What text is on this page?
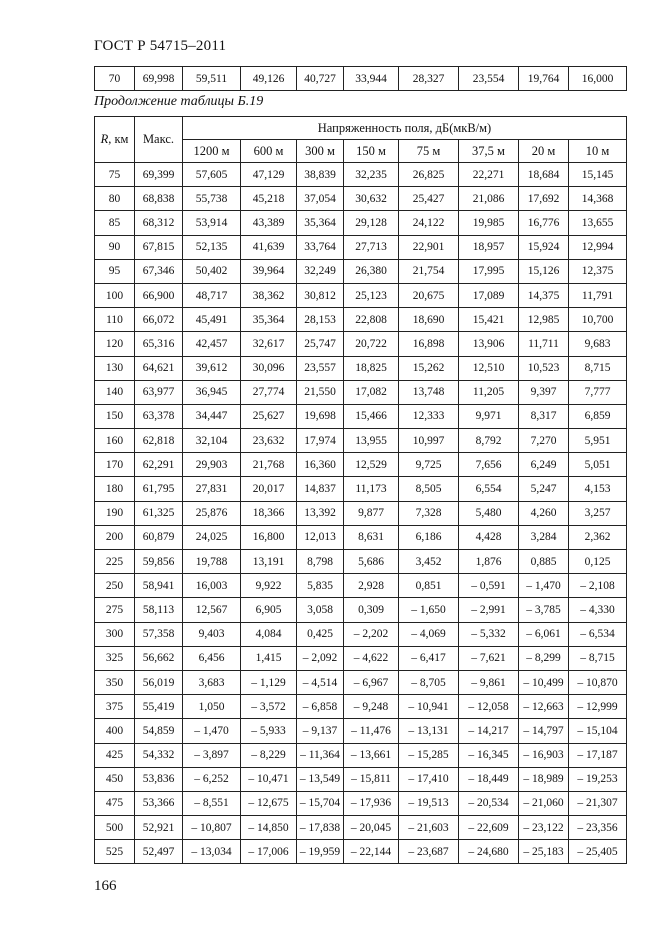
ГОСТ Р 54715–2011
70	69,998	59,511	49,126	40,727	33,944	28,327	23,554	19,764	16,000
Продолжение таблицы Б.19
R, км	Макс.	Напряженность поля, дБ(мкВ/м)							
		1200 м	600 м	300 м	150 м	75 м	37,5 м	20 м	10 м
75	69,399	57,605	47,129	38,839	32,235	26,825	22,271	18,684	15,145
80	68,838	55,738	45,218	37,054	30,632	25,427	21,086	17,692	14,368
85	68,312	53,914	43,389	35,364	29,128	24,122	19,985	16,776	13,655
90	67,815	52,135	41,639	33,764	27,713	22,901	18,957	15,924	12,994
95	67,346	50,402	39,964	32,249	26,380	21,754	17,995	15,126	12,375
100	66,900	48,717	38,362	30,812	25,123	20,675	17,089	14,375	11,791
110	66,072	45,491	35,364	28,153	22,808	18,690	15,421	12,985	10,700
120	65,316	42,457	32,617	25,747	20,722	16,898	13,906	11,711	9,683
130	64,621	39,612	30,096	23,557	18,825	15,262	12,510	10,523	8,715
140	63,977	36,945	27,774	21,550	17,082	13,748	11,205	9,397	7,777
150	63,378	34,447	25,627	19,698	15,466	12,333	9,971	8,317	6,859
160	62,818	32,104	23,632	17,974	13,955	10,997	8,792	7,270	5,951
170	62,291	29,903	21,768	16,360	12,529	9,725	7,656	6,249	5,051
180	61,795	27,831	20,017	14,837	11,173	8,505	6,554	5,247	4,153
190	61,325	25,876	18,366	13,392	9,877	7,328	5,480	4,260	3,257
200	60,879	24,025	16,800	12,013	8,631	6,186	4,428	3,284	2,362
225	59,856	19,788	13,191	8,798	5,686	3,452	1,876	0,885	0,125
250	58,941	16,003	9,922	5,835	2,928	0,851	– 0,591	– 1,470	– 2,108
275	58,113	12,567	6,905	3,058	0,309	– 1,650	– 2,991	– 3,785	– 4,330
300	57,358	9,403	4,084	0,425	– 2,202	– 4,069	– 5,332	– 6,061	– 6,534
325	56,662	6,456	1,415	– 2,092	– 4,622	– 6,417	– 7,621	– 8,299	– 8,715
350	56,019	3,683	– 1,129	– 4,514	– 6,967	– 8,705	– 9,861	– 10,499	– 10,870
375	55,419	1,050	– 3,572	– 6,858	– 9,248	– 10,941	– 12,058	– 12,663	– 12,999
400	54,859	– 1,470	– 5,933	– 9,137	– 11,476	– 13,131	– 14,217	– 14,797	– 15,104
425	54,332	– 3,897	– 8,229	– 11,364	– 13,661	– 15,285	– 16,345	– 16,903	– 17,187
450	53,836	– 6,252	– 10,471	– 13,549	– 15,811	– 17,410	– 18,449	– 18,989	– 19,253
475	53,366	– 8,551	– 12,675	– 15,704	– 17,936	– 19,513	– 20,534	– 21,060	– 21,307
500	52,921	– 10,807	– 14,850	– 17,838	– 20,045	– 21,603	– 22,609	– 23,122	– 23,356
525	52,497	– 13,034	– 17,006	– 19,959	– 22,144	– 23,687	– 24,680	– 25,183	– 25,405
166
